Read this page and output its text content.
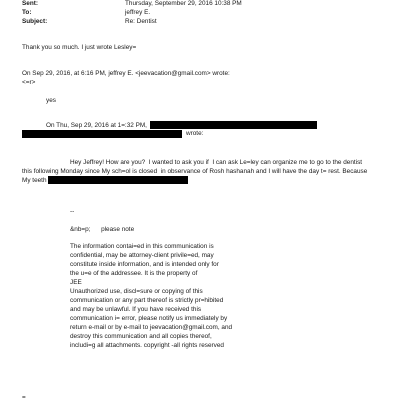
Sent:	Thursday, September 29, 2016 10:38 PM
To:	jeffrey E.
Subject:	Re: Dentist
Thank you so much. I just wrote Lesley=
On Sep 29, 2016, at 6:16 PM, jeffrey E. <jeevacation@gmail.com> wrote:
<=r>
yes
On Thu, Sep 29, 2016 at 1=:32 PM,
wrote:
Hey Jeffrey! How are you?  I wanted to ask you if  I can ask Le=ley can organize me to go to the dentist
this following Monday since My sch=ol is closed  in observance of Rosh hashanah and I will have the day t= rest. Because
My teeth
--
&nb=p;      please note
The information contai=ed in this communication is
confidential, may be attorney-client privile=ed, may
constitute inside information, and is intended only for
the u=e of the addressee. It is the property of
JEE
Unauthorized use, discl=sure or copying of this
communication or any part thereof is strictly pr=hibited
and may be unlawful. If you have received this
communication i= error, please notify us immediately by
return e-mail or by e-mail to jeevacation@gmail.com, and
destroy this communication and all copies thereof,
includi=g all attachments. copyright -all rights reserved
=
